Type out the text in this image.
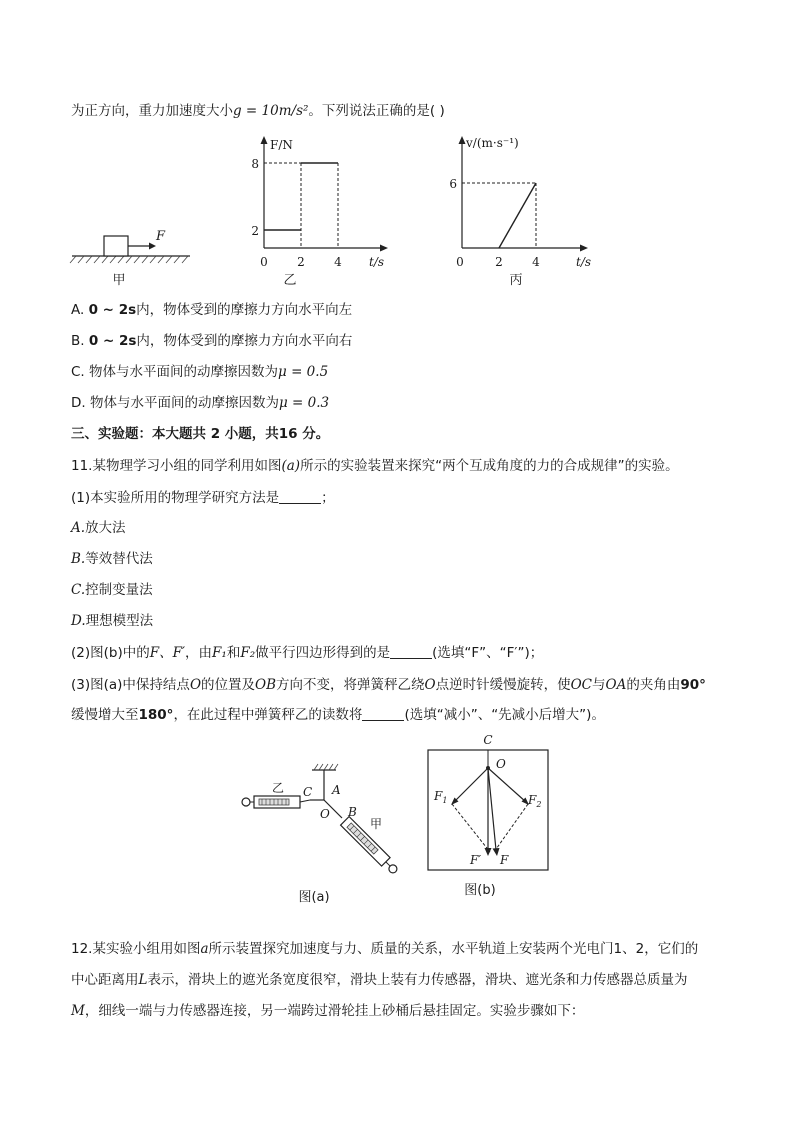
为正方向，重力加速度大小g = 10m/s²。下列说法正确的是( )
F
甲
F/N
t/s
0
8
2
2 4
乙
v/(m·s⁻¹)
t/s
0
6
2 4
丙
A. 0 ~ 2s内，物体受到的摩擦力方向水平向左
B. 0 ~ 2s内，物体受到的摩擦力方向水平向右
C. 物体与水平面间的动摩擦因数为μ = 0.5
D. 物体与水平面间的动摩擦因数为μ = 0.3
三、实验题：本大题共 2 小题，共16 分。
11.某物理学习小组的同学利用如图(a)所示的实验装置来探究“两个互成角度的力的合成规律”的实验。
(1)本实验所用的物理学研究方法是	；
A.放大法
B.等效替代法
C.控制变量法
D.理想模型法
(2)图(b)中的F、F′，由F₁和F₂做平行四边形得到的是	(选填“F”、“F′”)；
(3)图(a)中保持结点O的位置及OB方向不变，将弹簧秤乙绕O点逆时针缓慢旋转，使OC与OA的夹角由90°
缓慢增大至180°，在此过程中弹簧秤乙的读数将	(选填“减小”、“先减小后增大”)。
乙 C A
O B
甲
图(a)
C
O
$F_1$	$F_2$
F′ F
图(b)
12.某实验小组用如图a所示装置探究加速度与力、质量的关系，水平轨道上安装两个光电门1、2，它们的
中心距离用L表示，滑块上的遮光条宽度很窄，滑块上装有力传感器，滑块、遮光条和力传感器总质量为
M，细线一端与力传感器连接，另一端跨过滑轮挂上砂桶后悬挂固定。实验步骤如下：
